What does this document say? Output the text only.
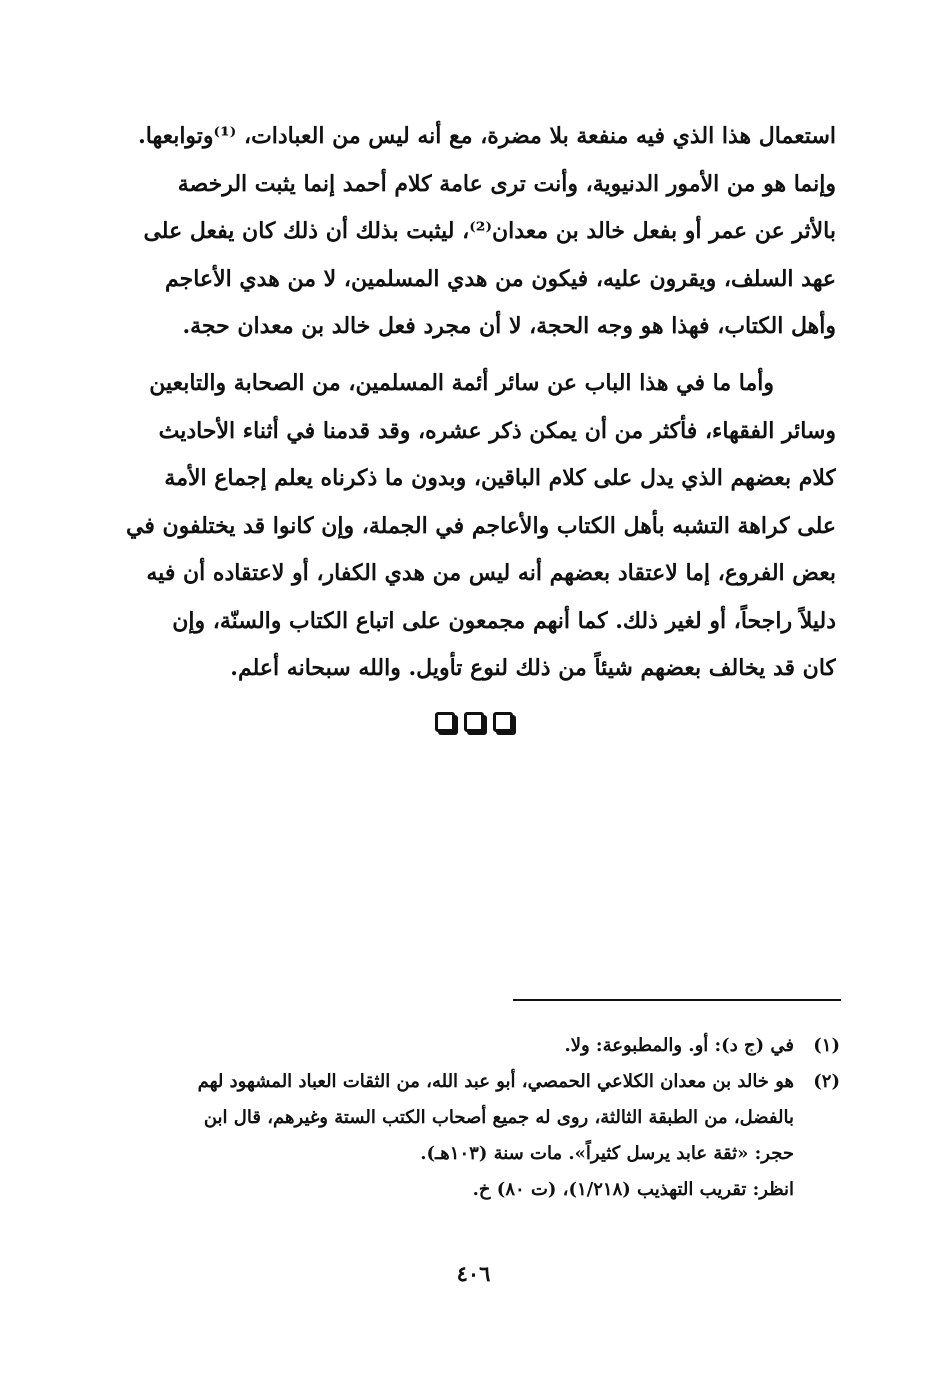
استعمال هذا الذي فيه منفعة بلا مضرة، مع أنه ليس من العبادات، ⁽¹⁾وتوابعها.
وإنما هو من الأمور الدنيوية، وأنت ترى عامة كلام أحمد إنما يثبت الرخصة
بالأثر عن عمر أو بفعل خالد بن معدان⁽²⁾، ليثبت بذلك أن ذلك كان يفعل على
عهد السلف، ويقرون عليه، فيكون من هدي المسلمين، لا من هدي الأعاجم
وأهل الكتاب، فهذا هو وجه الحجة، لا أن مجرد فعل خالد بن معدان حجة.
وأما ما في هذا الباب عن سائر أئمة المسلمين، من الصحابة والتابعين
وسائر الفقهاء، فأكثر من أن يمكن ذكر عشره، وقد قدمنا في أثناء الأحاديث
كلام بعضهم الذي يدل على كلام الباقين، وبدون ما ذكرناه يعلم إجماع الأمة
على كراهة التشبه بأهل الكتاب والأعاجم في الجملة، وإن كانوا قد يختلفون في
بعض الفروع، إما لاعتقاد بعضهم أنه ليس من هدي الكفار، أو لاعتقاده أن فيه
دليلاً راجحاً، أو لغير ذلك. كما أنهم مجمعون على اتباع الكتاب والسنّة، وإن
كان قد يخالف بعضهم شيئاً من ذلك لنوع تأويل. والله سبحانه أعلم.
(١)
في (ج د): أو. والمطبوعة: ولا.
(٢)
هو خالد بن معدان الكلاعي الحمصي، أبو عبد الله، من الثقات العباد المشهود لهم
بالفضل، من الطبقة الثالثة، روى له جميع أصحاب الكتب الستة وغيرهم، قال ابن
حجر: «ثقة عابد يرسل كثيراً». مات سنة (١٠٣هـ).
انظر: تقريب التهذيب (١/٢١٨)، (ت ٨٠) خ.
٤٠٦
